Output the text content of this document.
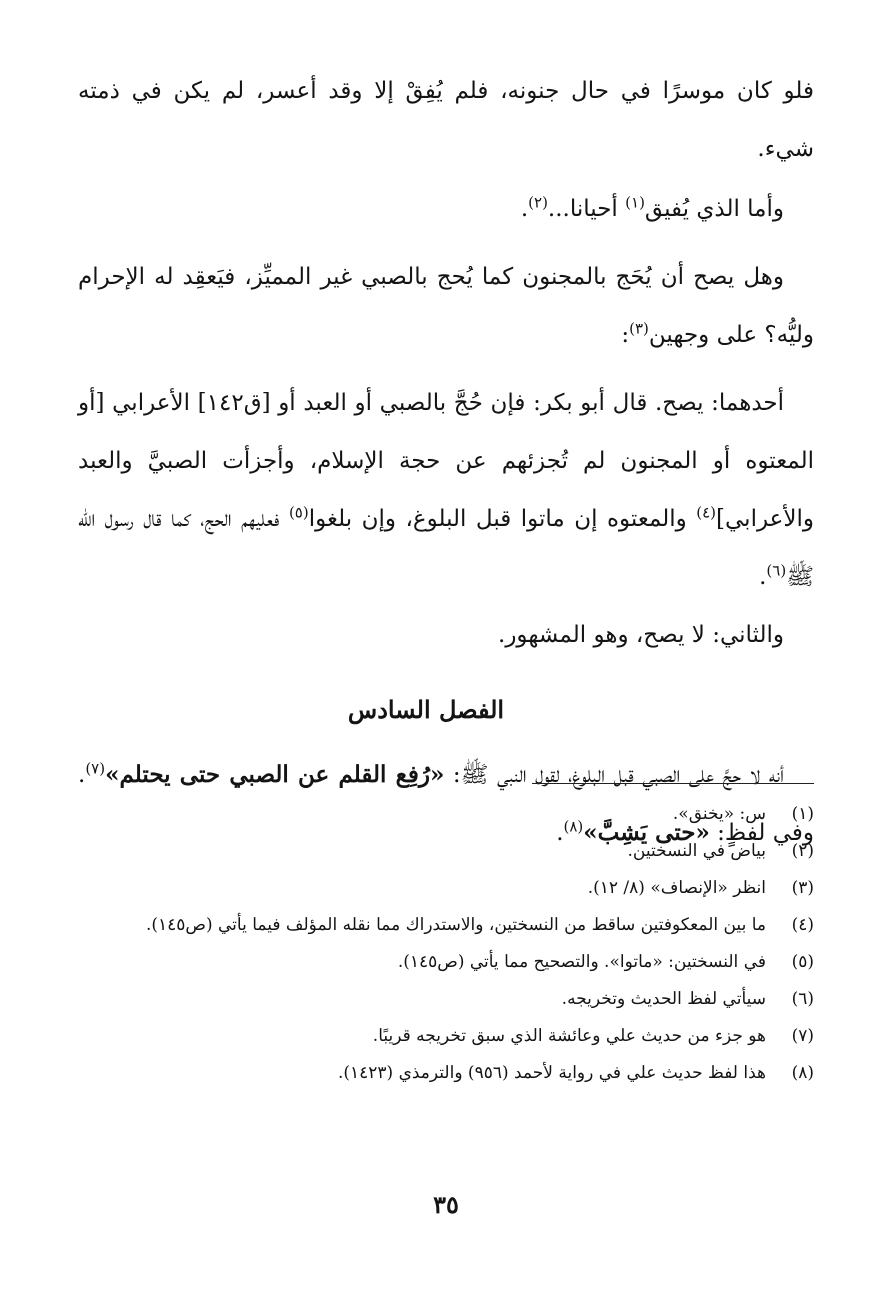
فلو كان موسرًا في حال جنونه، فلم يُفِقْ إلا وقد أعسر، لم يكن في ذمته شيء.

وأما الذي يُفيق$^{(١)}$ أحيانا...$^{(٢)}$.

وهل يصح أن يُحَج بالمجنون كما يُحج بالصبي غير المميِّز، فيَعقِد له الإحرام وليُّه؟ على وجهين$^{(٣)}$:

أحدهما: يصح. قال أبو بكر: فإن حُجَّ بالصبي أو العبد أو [ق١٤٢] الأعرابي [أو المعتوه أو المجنون لم تُجزئهم عن حجة الإسلام، وأجزأت الصبيَّ والعبد والأعرابي]$^{(٤)}$ والمعتوه إن ماتوا قبل البلوغ، وإن بلغوا$^{(٥)}$ فعليهم الحج، كما قال رسول الله ﷺ$^{(٦)}$.

والثاني: لا يصح، وهو المشهور.

الفصل السادس

أنه لا حجَّ على الصبي قبل البلوغ، لقول النبي ﷺ: «رُفِع القلم عن الصبي حتى يحتلم»$^{(٧)}$. وفي لفظٍ: «حتى يَشِبَّ»$^{(٨)}$.

(١)
س: «يخنق».
(٢)
بياض في النسختين.
(٣)
انظر «الإنصاف» (٨/ ١٢).
(٤)
ما بين المعكوفتين ساقط من النسختين، والاستدراك مما نقله المؤلف فيما يأتي (ص١٤٥).
(٥)
في النسختين: «ماتوا». والتصحيح مما يأتي (ص١٤٥).
(٦)
سيأتي لفظ الحديث وتخريجه.
(٧)
هو جزء من حديث علي وعائشة الذي سبق تخريجه قريبًا.
(٨)
هذا لفظ حديث علي في رواية لأحمد (٩٥٦) والترمذي (١٤٢٣).
٣٥
